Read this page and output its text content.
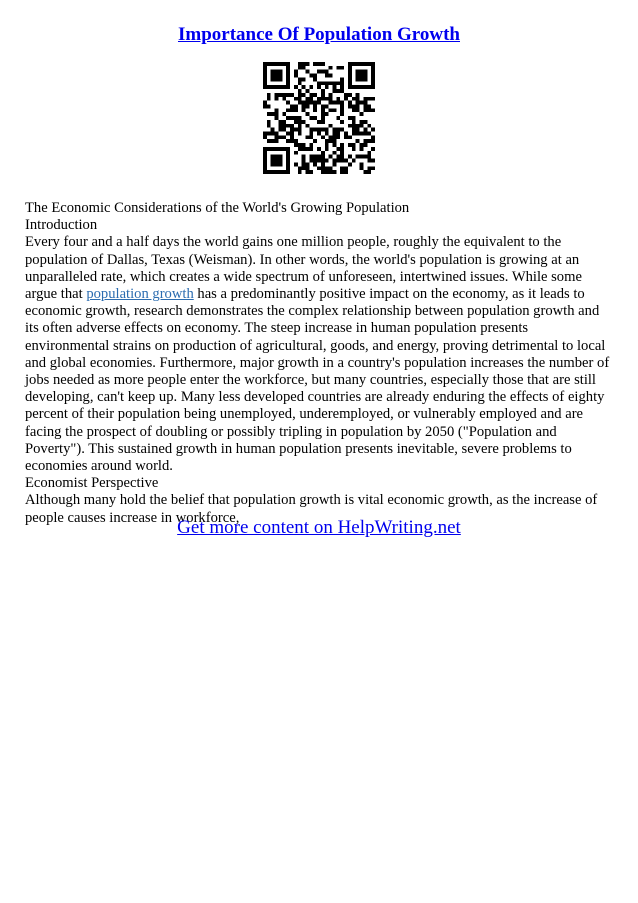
Importance Of Population Growth

The Economic Considerations of the World's Growing Population

Introduction

Every four and a half days the world gains one million people, roughly the equivalent to the population of Dallas, Texas (Weisman). In other words, the world's population is growing at an unparalleled rate, which creates a wide spectrum of unforeseen, intertwined issues. While some argue that population growth has a predominantly positive impact on the economy, as it leads to economic growth, research demonstrates the complex relationship between population growth and its often adverse effects on economy. The steep increase in human population presents environmental strains on production of agricultural, goods, and energy, proving detrimental to local and global economies. Furthermore, major growth in a country's population increases the number of jobs needed as more people enter the workforce, but many countries, especially those that are still developing, can't keep up. Many less developed countries are already enduring the effects of eighty percent of their population being unemployed, underemployed, or vulnerably employed and are facing the prospect of doubling or possibly tripling in population by 2050 ("Population and Poverty"). This sustained growth in human population presents inevitable, severe problems to economies around world.

Economist Perspective

Although many hold the belief that population growth is vital economic growth, as the increase of people causes increase in workforce,

Get more content on HelpWriting.net
